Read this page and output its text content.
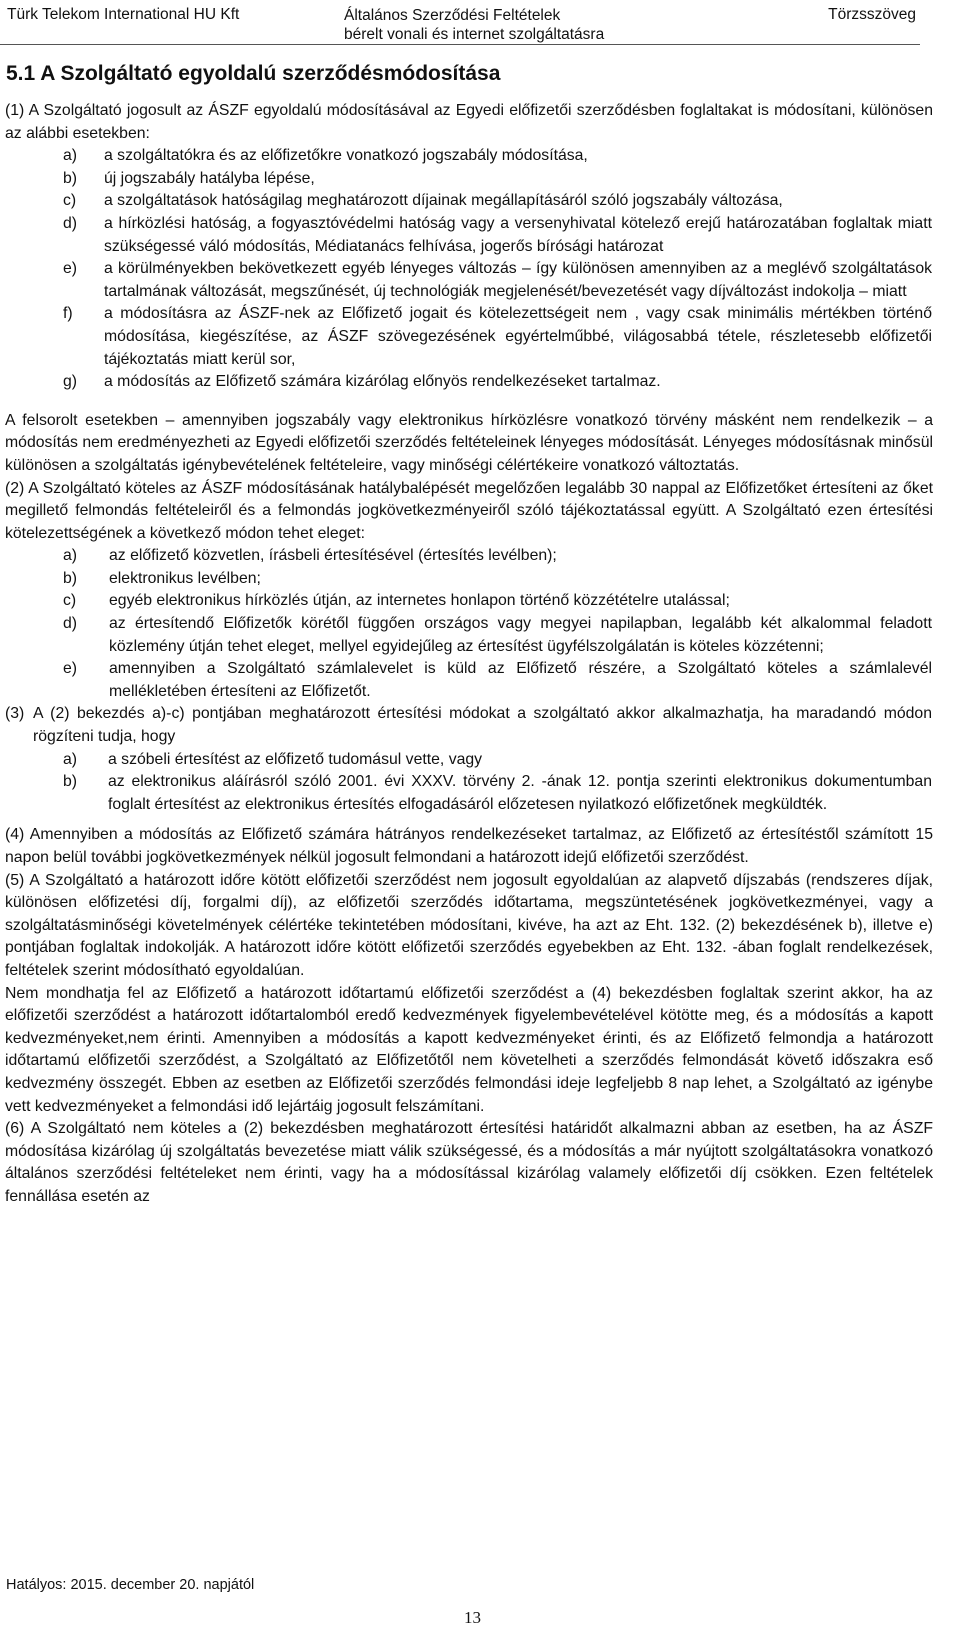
Türk Telekom International HU Kft	Általános Szerződési Feltételek
bérelt vonali és internet szolgáltatásra
Törzsszöveg
5.1 A Szolgáltató egyoldalú szerződésmódosítása
(1) A Szolgáltató jogosult az ÁSZF egyoldalú módosításával az Egyedi előfizetői szerződésben foglaltakat is módosítani, különösen az alábbi esetekben:
a)	a szolgáltatókra és az előfizetőkre vonatkozó jogszabály módosítása,
b)	új jogszabály hatályba lépése,
c)	a szolgáltatások hatóságilag meghatározott díjainak megállapításáról szóló jogszabály változása,
d)	a hírközlési hatóság, a fogyasztóvédelmi hatóság vagy a versenyhivatal kötelező erejű határozatában foglaltak miatt szükségessé váló módosítás, Médiatanács felhívása, jogerős bírósági határozat
e)	a körülményekben bekövetkezett egyéb lényeges változás – így különösen amennyiben az a meglévő szolgáltatások tartalmának változását, megszűnését, új technológiák megjelenését/bevezetését vagy díjváltozást indokolja – miatt
f)	a módosításra az ÁSZF-nek az Előfizető jogait és kötelezettségeit nem , vagy csak minimális mértékben történő módosítása, kiegészítése, az ÁSZF szövegezésének egyértelműbbé, világosabbá tétele, részletesebb előfizetői tájékoztatás miatt kerül sor,
g)	a módosítás az Előfizető számára kizárólag előnyös rendelkezéseket tartalmaz.
A felsorolt esetekben – amennyiben jogszabály vagy elektronikus hírközlésre vonatkozó törvény másként nem rendelkezik – a módosítás nem eredményezheti az Egyedi előfizetői szerződés feltételeinek lényeges módosítását. Lényeges módosításnak minősül különösen a szolgáltatás igénybevételének feltételeire, vagy minőségi célértékeire vonatkozó változtatás.
(2) A Szolgáltató köteles az ÁSZF módosításának hatálybalépését megelőzően legalább 30 nappal az Előfizetőket értesíteni az őket megillető felmondás feltételeiről és a felmondás jogkövetkezményeiről szóló tájékoztatással együtt. A Szolgáltató ezen értesítési kötelezettségének a következő módon tehet eleget:
a)	az előfizető közvetlen, írásbeli értesítésével (értesítés levélben);
b)	elektronikus levélben;
c)	egyéb elektronikus hírközlés útján, az internetes honlapon történő közzétételre utalással;
d)	az értesítendő Előfizetők körétől függően országos vagy megyei napilapban, legalább két alkalommal feladott közlemény útján tehet eleget, mellyel egyidejűleg az értesítést ügyfélszolgálatán is köteles közzétenni;
e)	amennyiben a Szolgáltató számlalevelet is küld az Előfizető részére, a Szolgáltató köteles a számlalevél mellékletében értesíteni az Előfizetőt.
(3) A (2) bekezdés a)-c) pontjában meghatározott értesítési módokat a szolgáltató akkor alkalmazhatja, ha maradandó módon rögzíteni tudja, hogy
a)	a szóbeli értesítést az előfizető tudomásul vette, vagy
b)	az elektronikus aláírásról szóló 2001. évi XXXV. törvény 2. -ának 12. pontja szerinti elektronikus dokumentumban foglalt értesítést az elektronikus értesítés elfogadásáról előzetesen nyilatkozó előfizetőnek megküldték.
(4) Amennyiben a módosítás az Előfizető számára hátrányos rendelkezéseket tartalmaz, az Előfizető az értesítéstől számított 15 napon belül további jogkövetkezmények nélkül jogosult felmondani a határozott idejű előfizetői szerződést.
(5) A Szolgáltató a határozott időre kötött előfizetői szerződést nem jogosult egyoldalúan az alapvető díjszabás (rendszeres díjak, különösen előfizetési díj, forgalmi díj), az előfizetői szerződés időtartama, megszüntetésének jogkövetkezményei, vagy a szolgáltatásminőségi követelmények célértéke tekintetében módosítani, kivéve, ha azt az Eht. 132. (2) bekezdésének b), illetve e) pontjában foglaltak indokolják. A határozott időre kötött előfizetői szerződés egyebekben az Eht. 132. -ában foglalt rendelkezések, feltételek szerint módosítható egyoldalúan.
Nem mondhatja fel az Előfizető a határozott időtartamú előfizetői szerződést a (4) bekezdésben foglaltak szerint akkor, ha az előfizetői szerződést a határozott időtartalomból eredő kedvezmények figyelembevételével kötötte meg, és a módosítás a kapott kedvezményeket,nem érinti. Amennyiben a módosítás a kapott kedvezményeket érinti, és az Előfizető felmondja a határozott időtartamú előfizetői szerződést, a Szolgáltató az Előfizetőtől nem követelheti a szerződés felmondását követő időszakra eső kedvezmény összegét. Ebben az esetben az Előfizetői szerződés felmondási ideje legfeljebb 8 nap lehet, a Szolgáltató az igénybe vett kedvezményeket a felmondási idő lejártáig jogosult felszámítani.
(6) A Szolgáltató nem köteles a (2) bekezdésben meghatározott értesítési határidőt alkalmazni abban az esetben, ha az ÁSZF módosítása kizárólag új szolgáltatás bevezetése miatt válik szükségessé, és a módosítás a már nyújtott szolgáltatásokra vonatkozó általános szerződési feltételeket nem érinti, vagy ha a módosítással kizárólag valamely előfizetői díj csökken. Ezen feltételek fennállása esetén az
Hatályos: 2015. december 20. napjától
13
